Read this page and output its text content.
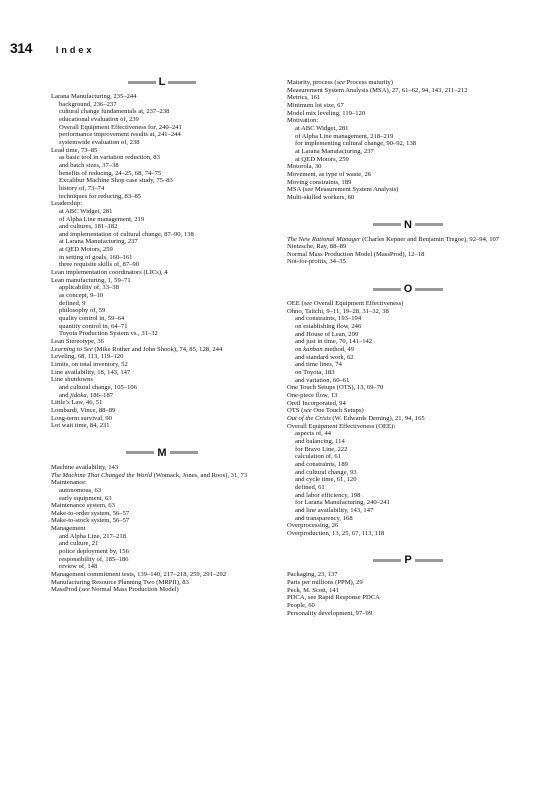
314	Index
L

Larana Manufacturing, 235–244

background, 236–237

cultural change fundamentals at, 237–238

educational evaluation of, 239

Overall Equipment Effectiveness for, 240–241

performance improvement results at, 241–244

systemwide evaluation of, 238

Lead time, 73–85

as basic tool in variation reduction, 83

and batch sizes, 37–38

benefits of reducing, 24–25, 68, 74–75

Excalibur Machine Shop case study, 75–83

history of, 73–74

techniques for reducing, 83–85

Leadership:

at ABC Widget, 281

of Alpha Line management, 219

and cultures, 181–182

and implementation of cultural change, 87–90, 138

at Larana Manufacturing, 237

at QED Motors, 259

in setting of goals, 160–161

three requisite skills of, 87–90

Lean implementation coordinators (LICs), 4

Lean manufacturing, 1, 59–71

applicability of, 33–38

as concept, 9–10

defined, 9

philosophy of, 59

quality control in, 59–64

quantity control in, 64–71

Toyota Production System vs., 31–32

Lean Stereotype, 36

Learning to See (Mike Rother and John Shook), 74, 85, 128, 244

Leveling, 68, 113, 119–120

Limits, on total inventory, 52

Line availability, 18, 143, 147

Line shutdowns

and cultural change, 105–106

and jidoka, 186–187

Little’s Law, 46, 51

Lombardi, Vince, 88–89

Long-term survival, 90

Lot wait time, 84, 231

M

Machine availability, 143

The Machine That Changed the World (Womack, Jones, and Roos), 31, 73

Maintenance:

autonomous, 63

early equipment, 63

Maintenance system, 63

Make-to-order system, 56–57

Make-to-stock system, 56–57

Management

and Alpha Line, 217–218

and culture, 21

police deployment by, 156

responsibility of, 185–186

review of, 148

Management commitment tests, 139–140, 217–218, 259, 291–292

Manufacturing Resource Planning Two (MRPII), 83

MassProd (see Normal Mass Production Model)

Maturity, process (see Process maturity)

Measurement System Analysis (MSA), 27, 61–62, 94, 143, 211–212

Metrics, 161

Minimum lot size, 67

Model mix leveling, 119–120

Motivation:

at ABC Widget, 281

of Alpha Line management, 218–219

for implementing cultural change, 90–92, 138

at Larana Manufacturing, 237

at QED Motors, 259

Motorola, 30

Movement, as type of waste, 26

Moving constraints, 189

MSA (see Measurement System Analysis)

Multi-skilled workers, 60

N

The New Rational Manager (Charles Kepner and Benjamin Tregoe), 92–94, 107

Nietzsche, Ray, 88–89

Normal Mass Production Model (MassProd), 12–18

Not-for-profits, 34–35

O

OEE (see Overall Equipment Effectiveness)

Ohno, Taiichi, 9–11, 19–28, 31–32, 38

and constraints, 193–194

on establishing flow, 246

and House of Lean, 299

and just in time, 70, 141–142

on kanban method, 49

and standard work, 62

and time lines, 74

on Toyota, 183

and variation, 60–61

One Touch Setups (OTS), 13, 69–70

One-piece flow, 13

Oreil Incorporated, 94

OTS (see One Touch Setups)

Out of the Crisis (W. Edwards Deming), 21, 94, 165

Overall Equipment Effectiveness (OEE):

aspects of, 44

and balancing, 114

for Bravo Line, 222

calculation of, 61

and constraints, 189

and cultural change, 93

and cycle time, 61, 120

defined, 61

and labor efficiency, 198

for Larana Manufacturing, 240–241

and line availability, 143, 147

and transparency, 168

Overprocessing, 26

Overproduction, 13, 25, 67, 113, 118

P

Packaging, 23, 137

Parts per millions (PPM), 29

Peck, M. Scott, 141

PDCA, see Rapid Response PDCA

People, 60

Personality development, 97–99
